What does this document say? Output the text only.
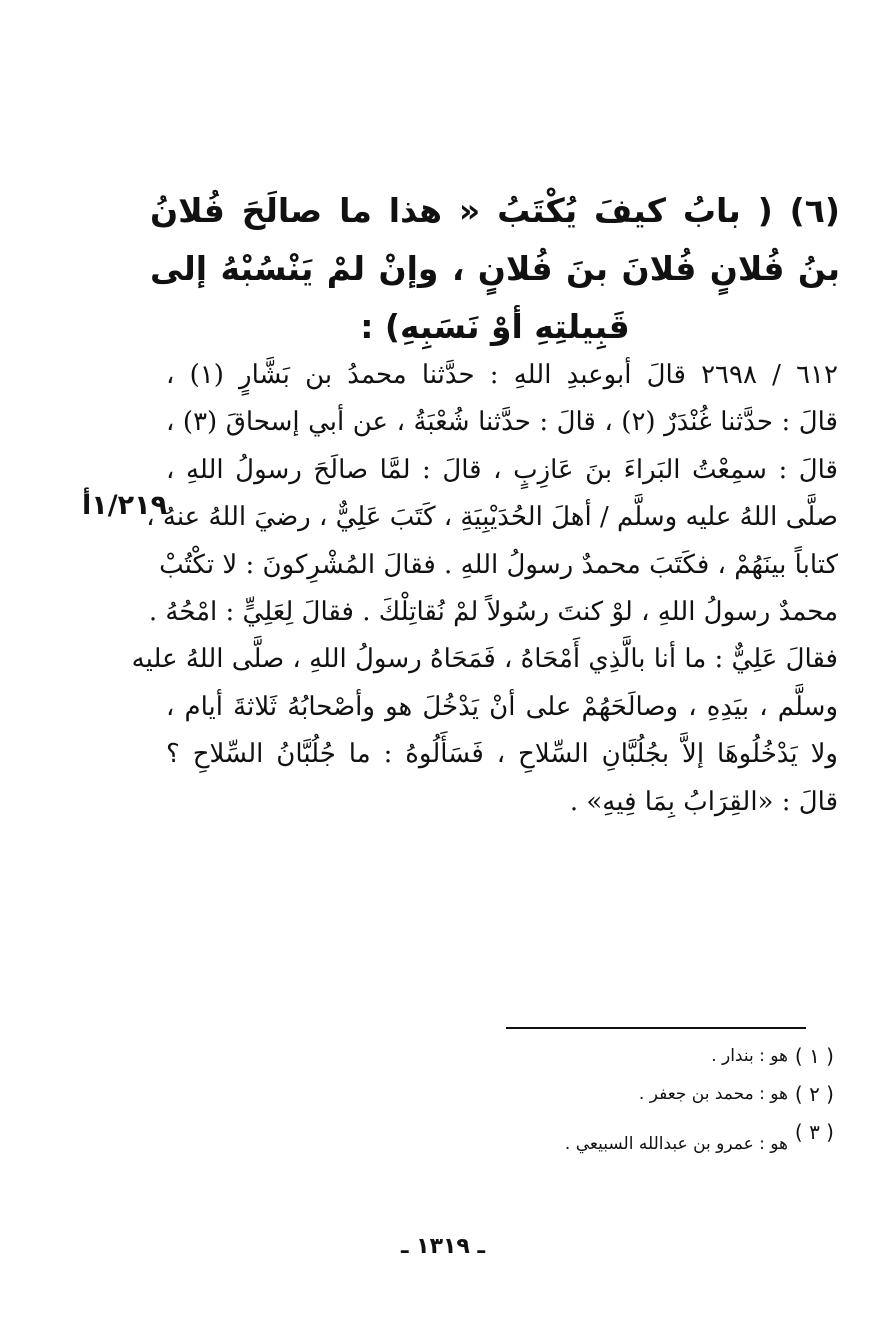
(٦) ( بابُ كيفَ يُكْتَبُ « هذا ما صالَحَ فُلانُ بنُ فُلانٍ فُلانَ بنَ فُلانٍ ، وإنْ لمْ يَنْسُبْهُ إلى قَبِيلتِهِ أوْ نَسَبِهِ) :
١/٢١٩أ
٦١٢ / ٢٦٩٨ قالَ أبوعبدِ اللهِ : حدَّثنا محمدُ بن بَشَّارٍ (١) ،
قالَ : حدَّثنا غُنْدَرٌ (٢) ، قالَ : حدَّثنا شُعْبَةُ ، عن أبي إسحاقَ (٣) ،
قالَ : سمِعْتُ البَراءَ بنَ عَازِبٍ ، قالَ : لمَّا صالَحَ رسولُ اللهِ ،
صلَّى اللهُ عليه وسلَّم / أهلَ الحُدَيْبِيَةِ ، كَتَبَ عَلِيٌّ ، رضيَ اللهُ عنهُ ،
كتاباً بينَهُمْ ، فكَتَبَ محمدٌ رسولُ اللهِ . فقالَ المُشْرِكونَ : لا تكْتُبْ
محمدٌ رسولُ اللهِ ، لوْ كنتَ رسُولاً لمْ نُقاتِلْكَ . فقالَ لِعَلِيٍّ : امْحُهُ .
فقالَ عَلِيٌّ : ما أنا بالَّذِي أَمْحَاهُ ، فَمَحَاهُ رسولُ اللهِ ، صلَّى اللهُ عليه
وسلَّم ، بيَدِهِ ، وصالَحَهُمْ على أنْ يَدْخُلَ هو وأصْحابُهُ ثَلاثةَ أيام ،
ولا يَدْخُلُوهَا إلاَّ بجُلُبَّانِ السِّلاحِ ، فَسَأَلُوهُ : ما جُلُبَّانُ السِّلاحِ ؟
قالَ : «القِرَابُ بِمَا فِيهِ» .
( ١ )
هو : بندار .
( ٢ )
هو : محمد بن جعفر .
( ٣ )
هو : عمرو بن عبدالله السبيعي .
ـ ١٣١٩ ـ
